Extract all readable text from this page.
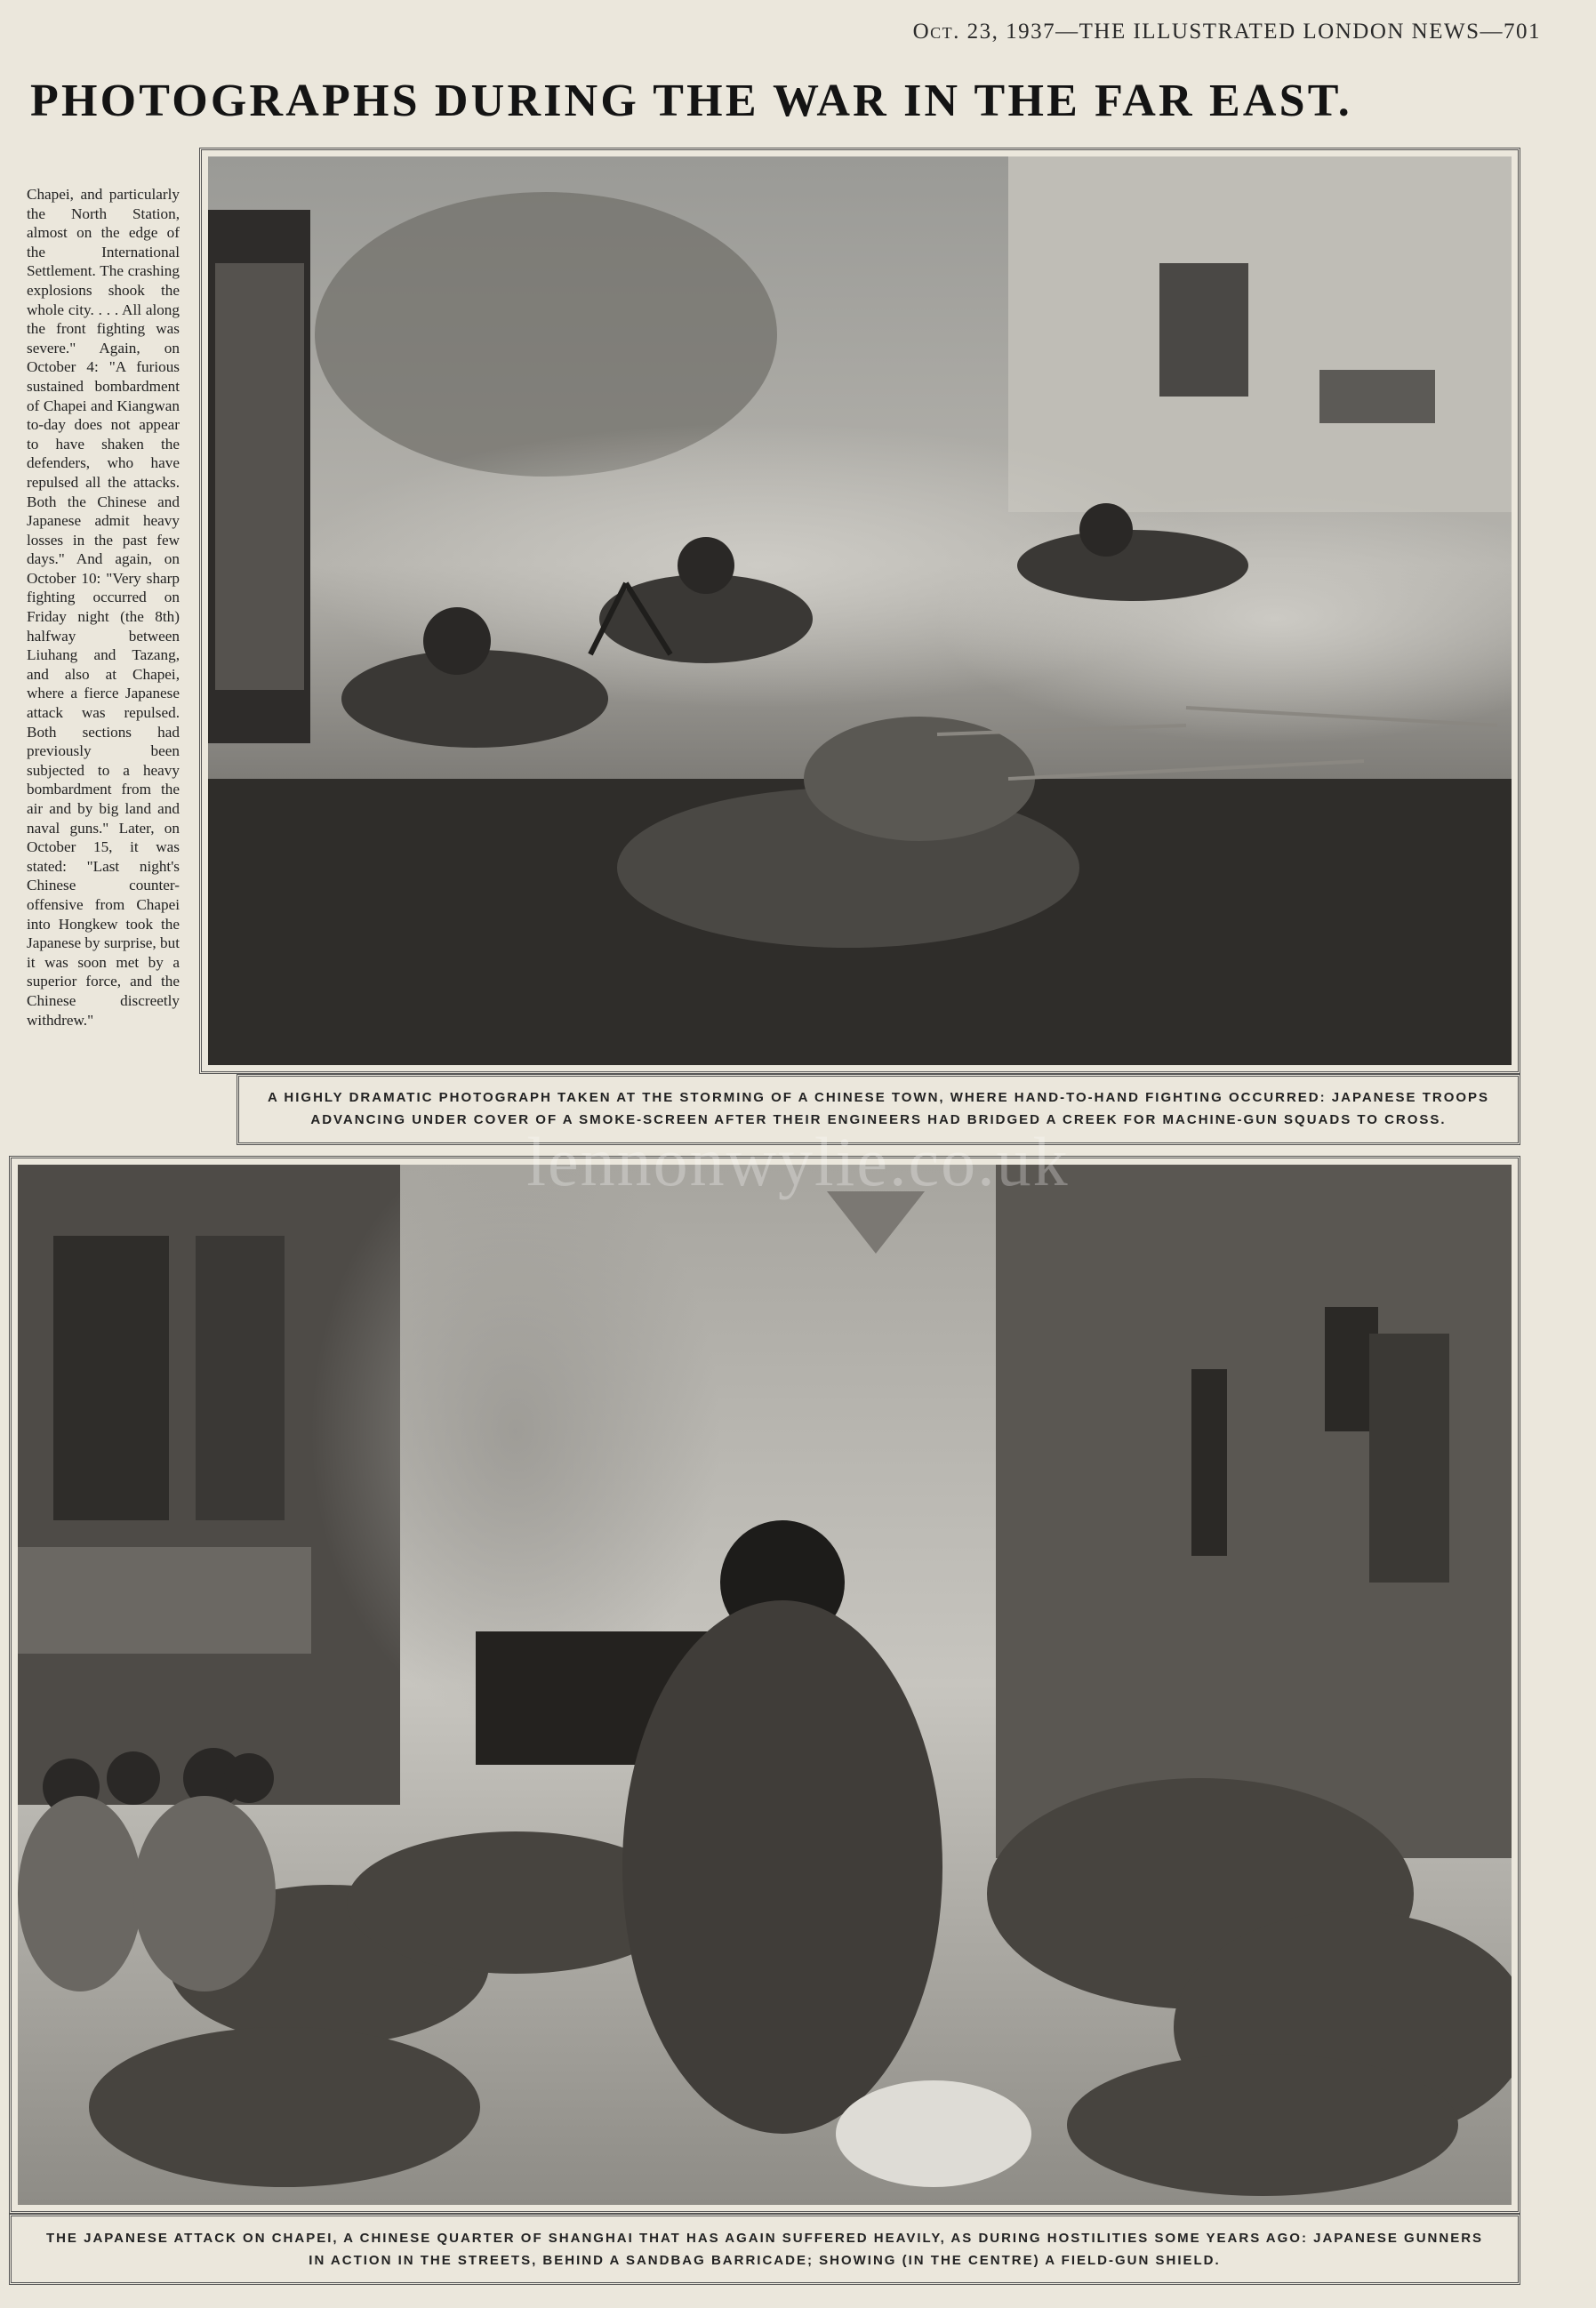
Oct. 23, 1937—THE ILLUSTRATED LONDON NEWS—701
PHOTOGRAPHS DURING THE WAR IN THE FAR EAST.
Chapei, and particularly the North Station, almost on the edge of the International Settlement. The crashing explosions shook the whole city. . . . All along the front fighting was severe." Again, on October 4: "A furious sustained bombardment of Chapei and Kiangwan to-day does not appear to have shaken the defenders, who have repulsed all the attacks. Both the Chinese and Japanese admit heavy losses in the past few days." And again, on October 10: "Very sharp fighting occurred on Friday night (the 8th) halfway between Liuhang and Tazang, and also at Chapei, where a fierce Japanese attack was repulsed. Both sections had previously been subjected to a heavy bombardment from the air and by big land and naval guns." Later, on October 15, it was stated: "Last night's Chinese counter-offensive from Chapei into Hongkew took the Japanese by surprise, but it was soon met by a superior force, and the Chinese discreetly withdrew."
A HIGHLY DRAMATIC PHOTOGRAPH TAKEN AT THE STORMING OF A CHINESE TOWN, WHERE HAND-TO-HAND FIGHTING OCCURRED: JAPANESE TROOPS ADVANCING UNDER COVER OF A SMOKE-SCREEN AFTER THEIR ENGINEERS HAD BRIDGED A CREEK FOR MACHINE-GUN SQUADS TO CROSS.
THE JAPANESE ATTACK ON CHAPEI, A CHINESE QUARTER OF SHANGHAI THAT HAS AGAIN SUFFERED HEAVILY, AS DURING HOSTILITIES SOME YEARS AGO: JAPANESE GUNNERS IN ACTION IN THE STREETS, BEHIND A SANDBAG BARRICADE; SHOWING (IN THE CENTRE) A FIELD-GUN SHIELD.
lennonwylie.co.uk
